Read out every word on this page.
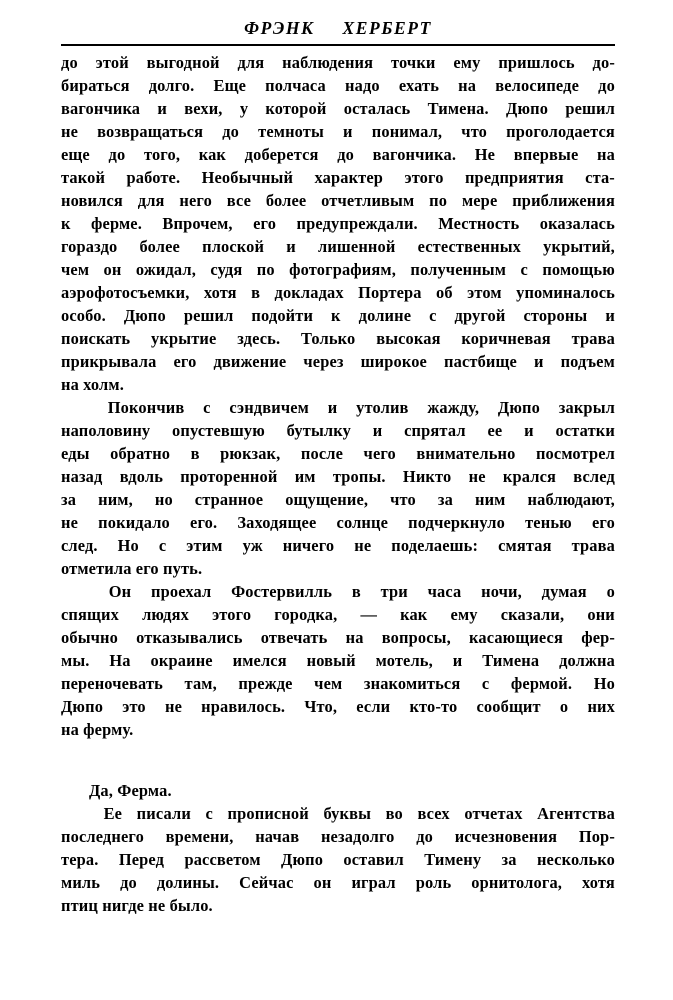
ФРЭНК  ХЕРБЕРТ

до этой выгодной для наблюдения точки ему пришлось до-
бираться долго. Еще полчаса надо ехать на велосипеде до
вагончика и вехи, у которой осталась Тимена. Дюпо решил
не возвращаться до темноты и понимал, что проголодается
еще до того, как доберется до вагончика. Не впервые на
такой работе. Необычный характер этого предприятия ста-
новился для него все более отчетливым по мере приближения
к ферме. Впрочем, его предупреждали. Местность оказалась
гораздо более плоской и лишенной естественных укрытий,
чем он ожидал, судя по фотографиям, полученным с помощью
аэрофотосъемки, хотя в докладах Портера об этом упоминалось
особо. Дюпо решил подойти к долине с другой стороны и
поискать укрытие здесь. Только высокая коричневая трава
прикрывала его движение через широкое пастбище и подъем
на холм.

Покончив с сэндвичем и утолив жажду, Дюпо закрыл
наполовину опустевшую бутылку и спрятал ее и остатки
еды обратно в рюкзак, после чего внимательно посмотрел
назад вдоль проторенной им тропы. Никто не крался вслед
за ним, но странное ощущение, что за ним наблюдают,
не покидало его. Заходящее солнце подчеркнуло тенью его
след. Но с этим уж ничего не поделаешь: смятая трава
отметила его путь.

Он проехал Фостервилль в три часа ночи, думая о
спящих людях этого городка, — как ему сказали, они
обычно отказывались отвечать на вопросы, касающиеся фер-
мы. На окраине имелся новый мотель, и Тимена должна
переночевать там, прежде чем знакомиться с фермой. Но
Дюпо это не нравилось. Что, если кто-то сообщит о них
на ферму.

Да, Ферма.

Ее писали с прописной буквы во всех отчетах Агентства
последнего времени, начав незадолго до исчезновения Пор-
тера. Перед рассветом Дюпо оставил Тимену за несколько
миль до долины. Сейчас он играл роль орнитолога, хотя
птиц нигде не было.
